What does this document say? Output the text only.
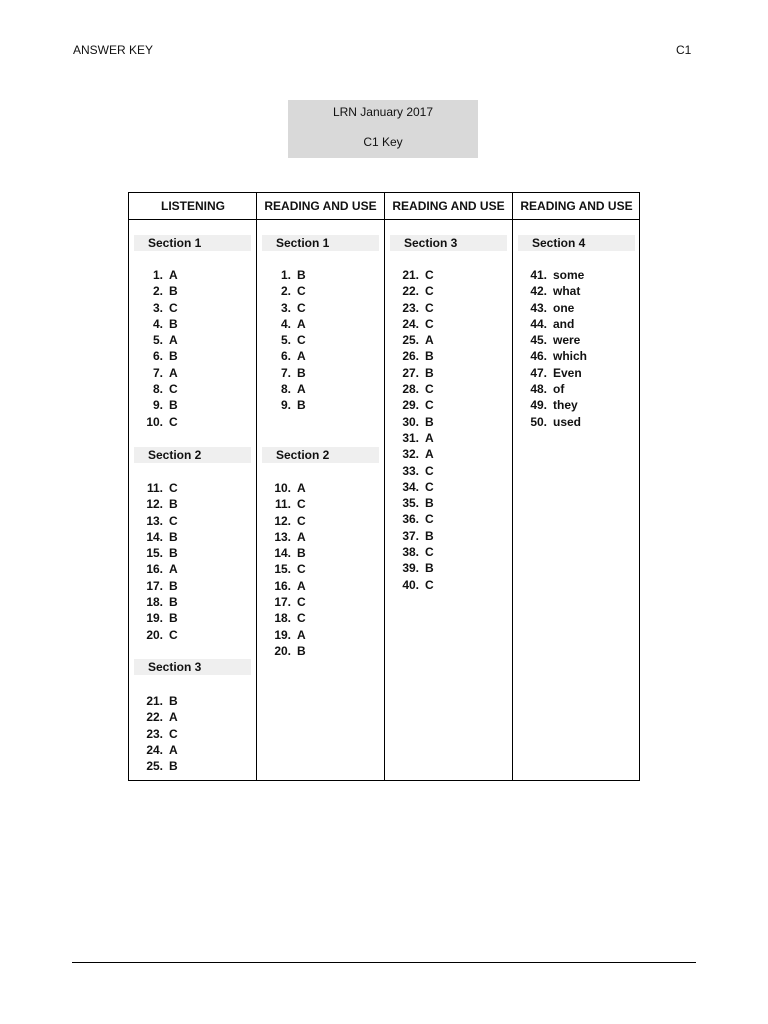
ANSWER KEY	C1
LRN January 2017
C1 Key
LISTENING
Section 1
1. A
2. B
3. C
4. B
5. A
6. B
7. A
8. C
9. B
10. C
Section 2
11. C
12. B
13. C
14. B
15. B
16. A
17. B
18. B
19. B
20. C
Section 3
21. B
22. A
23. C
24. A
25. B
READING AND USE
Section 1
1. B
2. C
3. C
4. A
5. C
6. A
7. B
8. A
9. B
Section 2
10. A
11. C
12. C
13. A
14. B
15. C
16. A
17. C
18. C
19. A
20. B
READING AND USE
Section 3
21. C
22. C
23. C
24. C
25. A
26. B
27. B
28. C
29. C
30. B
31. A
32. A
33. C
34. C
35. B
36. C
37. B
38. C
39. B
40. C
READING AND USE
Section 4
41. some
42. what
43. one
44. and
45. were
46. which
47. Even
48. of
49. they
50. used
